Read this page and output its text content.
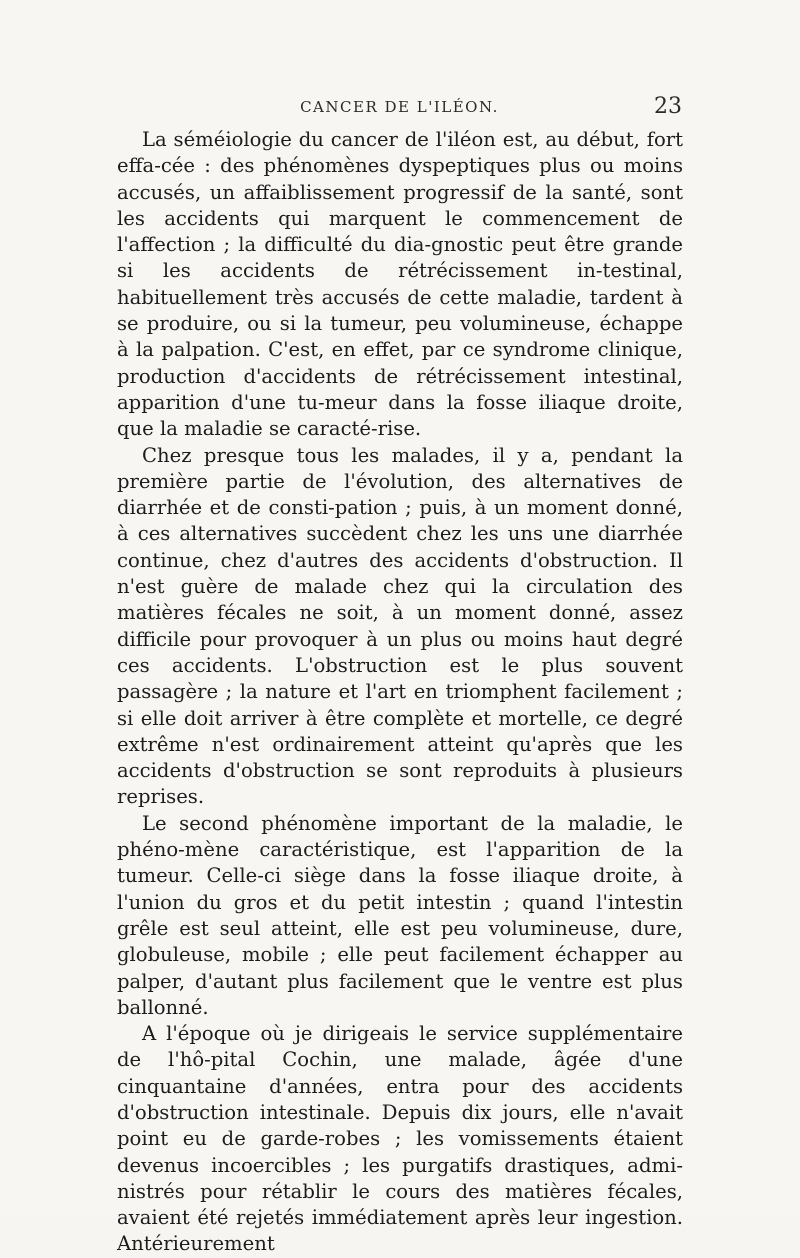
CANCER DE L'ILÉON.	23

La séméiologie du cancer de l'iléon est, au début, fort effa-cée : des phénomènes dyspeptiques plus ou moins accusés, un affaiblissement progressif de la santé, sont les accidents qui marquent le commencement de l'affection ; la difficulté du dia-gnostic peut être grande si les accidents de rétrécissement in-testinal, habituellement très accusés de cette maladie, tardent à se produire, ou si la tumeur, peu volumineuse, échappe à la palpation. C'est, en effet, par ce syndrome clinique, production d'accidents de rétrécissement intestinal, apparition d'une tu-meur dans la fosse iliaque droite, que la maladie se caracté-rise.

Chez presque tous les malades, il y a, pendant la première partie de l'évolution, des alternatives de diarrhée et de consti-pation ; puis, à un moment donné, à ces alternatives succèdent chez les uns une diarrhée continue, chez d'autres des accidents d'obstruction. Il n'est guère de malade chez qui la circulation des matières fécales ne soit, à un moment donné, assez difficile pour provoquer à un plus ou moins haut degré ces accidents. L'obstruction est le plus souvent passagère ; la nature et l'art en triomphent facilement ; si elle doit arriver à être complète et mortelle, ce degré extrême n'est ordinairement atteint qu'après que les accidents d'obstruction se sont reproduits à plusieurs reprises.

Le second phénomène important de la maladie, le phéno-mène caractéristique, est l'apparition de la tumeur. Celle-ci siège dans la fosse iliaque droite, à l'union du gros et du petit intestin ; quand l'intestin grêle est seul atteint, elle est peu volumineuse, dure, globuleuse, mobile ; elle peut facilement échapper au palper, d'autant plus facilement que le ventre est plus ballonné.

A l'époque où je dirigeais le service supplémentaire de l'hô-pital Cochin, une malade, âgée d'une cinquantaine d'années, entra pour des accidents d'obstruction intestinale. Depuis dix jours, elle n'avait point eu de garde-robes ; les vomissements étaient devenus incoercibles ; les purgatifs drastiques, admi-nistrés pour rétablir le cours des matières fécales, avaient été rejetés immédiatement après leur ingestion. Antérieurement
